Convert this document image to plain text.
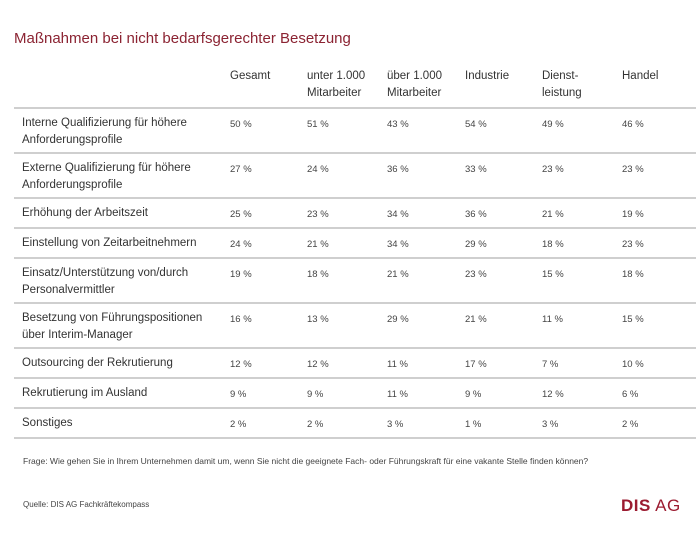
Maßnahmen bei nicht bedarfsgerechter Besetzung
	Gesamt	unter 1.000 Mitarbeiter	über 1.000 Mitarbeiter	Industrie	Dienst-leistung	Handel
Interne Qualifizierung für höhere Anforderungsprofile	50 %	51 %	43 %	54 %	49 %	46 %
Externe Qualifizierung für höhere Anforderungsprofile	27 %	24 %	36 %	33 %	23 %	23 %
Erhöhung der Arbeitszeit	25 %	23 %	34 %	36 %	21 %	19 %
Einstellung von Zeitarbeitnehmern	24 %	21 %	34 %	29 %	18 %	23 %
Einsatz/Unterstützung von/durch Personalvermittler	19 %	18 %	21 %	23 %	15 %	18 %
Besetzung von Führungspositionen über Interim-Manager	16 %	13 %	29 %	21 %	11 %	15 %
Outsourcing der Rekrutierung	12 %	12 %	11 %	17 %	7 %	10 %
Rekrutierung im Ausland	9 %	9 %	11 %	9 %	12 %	6 %
Sonstiges	2 %	2 %	3 %	1 %	3 %	2 %
Frage: Wie gehen Sie in Ihrem Unternehmen damit um, wenn Sie nicht die geeignete Fach- oder Führungskraft für eine vakante Stelle finden können?
Quelle: DIS AG Fachkräftekompass	DIS AG
